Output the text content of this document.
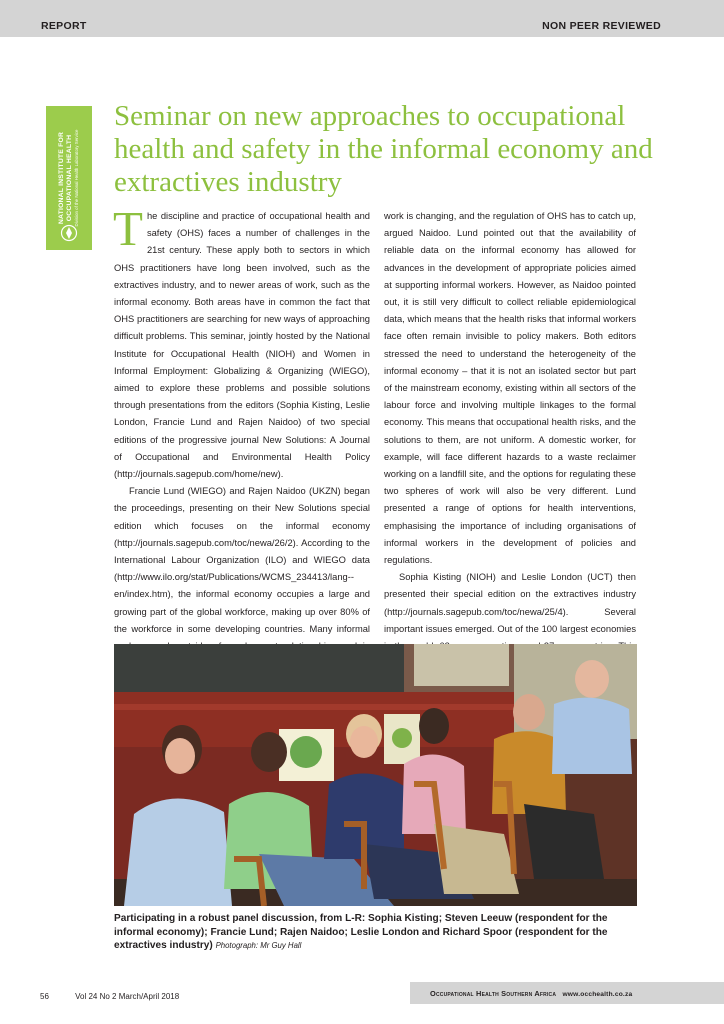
REPORT	NON PEER REVIEWED
NATIONAL INSTITUTE FOR OCCUPATIONAL HEALTH Division of the National Health Laboratory Service
Seminar on new approaches to occupational health and safety in the informal economy and extractives industry

The discipline and practice of occupational health and safety (OHS) faces a number of challenges in the 21st century. These apply both to sectors in which OHS practitioners have long been involved, such as the extractives industry, and to newer areas of work, such as the informal economy. Both areas have in common the fact that OHS practitioners are searching for new ways of approaching difficult problems. This seminar, jointly hosted by the National Institute for Occupational Health (NIOH) and Women in Informal Employment: Globalizing & Organizing (WIEGO), aimed to explore these problems and possible solutions through presentations from the editors (Sophia Kisting, Leslie London, Francie Lund and Rajen Naidoo) of two special editions of the progressive journal New Solutions: A Journal of Occupational and Environmental Health Policy (http://journals.sagepub.com/home/new).

Francie Lund (WIEGO) and Rajen Naidoo (UKZN) began the proceedings, presenting on their New Solutions special edition which focuses on the informal economy (http://journals.sagepub.com/toc/newa/26/2). According to the International Labour Organization (ILO) and WIEGO data (http://www.ilo.org/stat/Publications/WCMS_234413/lang--en/index.htm), the informal economy occupies a large and growing part of the global workforce, making up over 80% of the workforce in some developing countries. Many informal

work is changing, and the regulation of OHS has to catch up, argued Naidoo. Lund pointed out that the availability of reliable data on the informal economy has allowed for advances in the development of appropriate policies aimed at supporting informal workers. However, as Naidoo pointed out, it is still very difficult to collect reliable epidemiological data, which means that the health risks that informal workers face often remain invisible to policy makers. Both editors stressed the need to understand the heterogeneity of the informal economy – that it is not an isolated sector but part of the mainstream economy, existing within all sectors of the labour force and involving multiple linkages to the formal economy. This means that occupational health risks, and the solutions to them, are not uniform. A domestic worker, for example, will face different hazards to a waste reclaimer working on a landfill site, and the options for regulating these two spheres of work will also be very different. Lund presented a range of options for health interventions, emphasising the importance of including organisations of informal workers in the development of policies and regulations.

Sophia Kisting (NIOH) and Leslie London (UCT) then presented their special edition on the extractives industry (http://journals.sagepub.com/toc/newa/25/4). Several important issues emerged. Out of the 100 largest economies

Participating in a robust panel discussion, from L-R: Sophia Kisting; Steven Leeuw (respondent for the informal economy); Francie Lund; Rajen Naidoo; Leslie London and Richard Spoor (respondent for the extractives industry) Photograph: Mr Guy Hall
56	Vol 24 No 2 March/April 2018	Occupational Health Southern Africa www.occhealth.co.za
